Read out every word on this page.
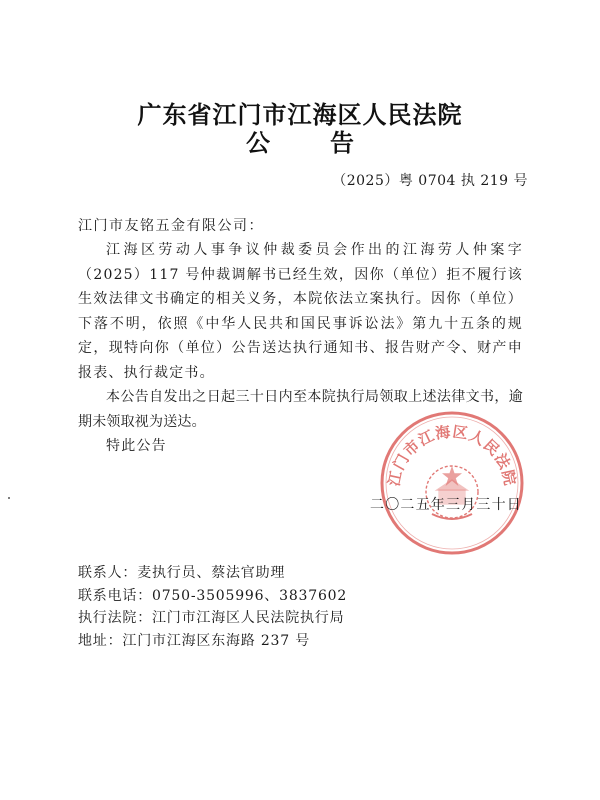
广东省江门市江海区人民法院
公　告
（2025）粤 0704 执 219 号
江门市友铭五金有限公司：

江海区劳动人事争议仲裁委员会作出的江海劳人仲案字（2025）117 号仲裁调解书已经生效，因你（单位）拒不履行该生效法律文书确定的相关义务，本院依法立案执行。因你（单位）下落不明，依照《中华人民共和国民事诉讼法》第九十五条的规定，现特向你（单位）公告送达执行通知书、报告财产令、财产申报表、执行裁定书。

本公告自发出之日起三十日内至本院执行局领取上述法律文书，逾期未领取视为送达。

特此公告

江门市江海区人民法院
二〇二五年三月三十日
联系人：麦执行员、蔡法官助理
联系电话：0750-3505996、3837602
执行法院：江门市江海区人民法院执行局
地址：江门市江海区东海路 237 号
